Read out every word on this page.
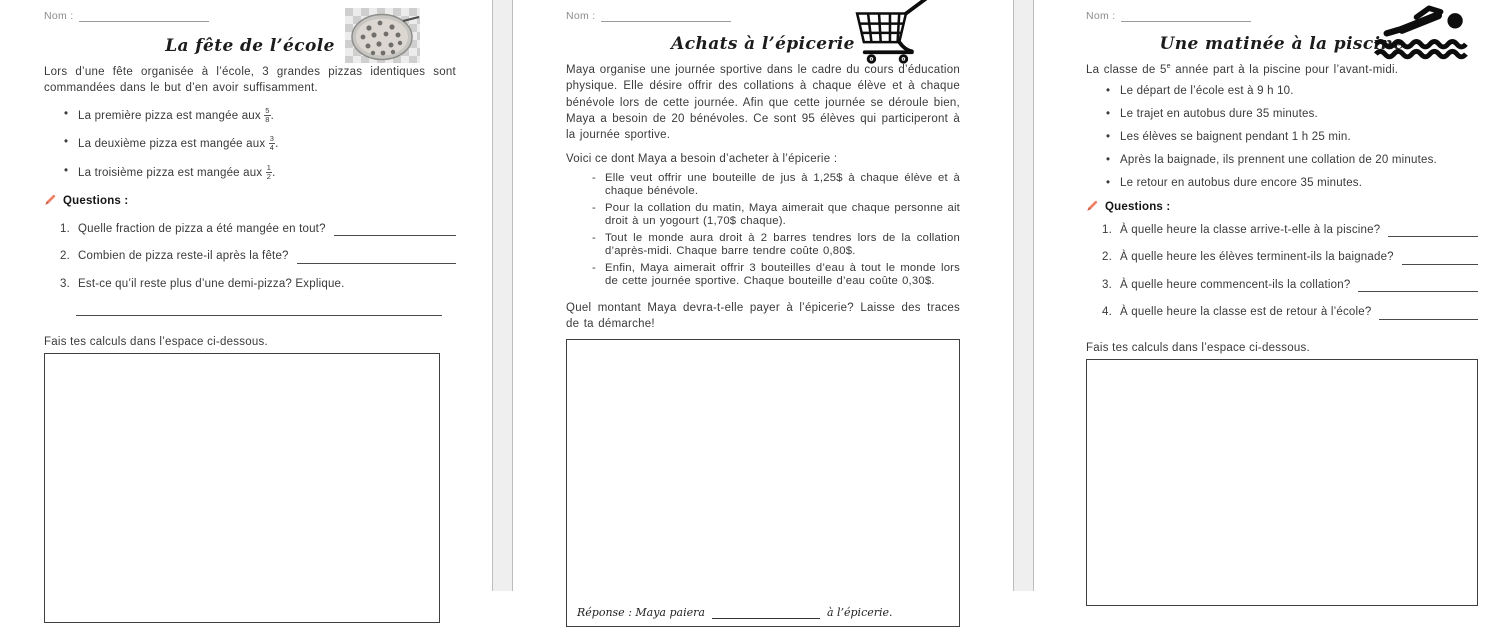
Nom :
La fête de l’école

Lors d’une fête organisée à l’école, 3 grandes pizzas identiques sont commandées dans le but d’en avoir suffisamment.

• La première pizza est mangée aux $\frac{5}{8}$ .
• La deuxième pizza est mangée aux $\frac{3}{4}$ .
• La troisième pizza est mangée aux $\frac{1}{2}$ .
Questions :
1. Quelle fraction de pizza a été mangée en tout?
2. Combien de pizza reste-il après la fête?
3. Est-ce qu’il reste plus d’une demi-pizza? Explique.
Fais tes calculs dans l’espace ci-dessous.
Nom :
Achats à l’épicerie

Maya organise une journée sportive dans le cadre du cours d’éducation physique. Elle désire offrir des collations à chaque élève et à chaque bénévole lors de cette journée. Afin que cette journée se déroule bien, Maya a besoin de 20 bénévoles. Ce sont 95 élèves qui participeront à la journée sportive.

Voici ce dont Maya a besoin d’acheter à l’épicerie :
- Elle veut offrir une bouteille de jus à 1,25$ à chaque élève et à chaque bénévole.
- Pour la collation du matin, Maya aimerait que chaque personne ait droit à un yogourt (1,70$ chaque).
- Tout le monde aura droit à 2 barres tendres lors de la collation d’après-midi. Chaque barre tendre coûte 0,80$.
- Enfin, Maya aimerait offrir 3 bouteilles d’eau à tout le monde lors de cette journée sportive. Chaque bouteille d’eau coûte 0,30$.

Quel montant Maya devra-t-elle payer à l’épicerie? Laisse des traces de ta démarche!

Réponse : Maya paiera	à l’épicerie.
Nom :
Une matinée à la piscine

La classe de 5e année part à la piscine pour l’avant-midi.

• Le départ de l’école est à 9 h 10.
• Le trajet en autobus dure 35 minutes.
• Les élèves se baignent pendant 1 h 25 min.
• Après la baignade, ils prennent une collation de 20 minutes.
• Le retour en autobus dure encore 35 minutes.
Questions :
1. À quelle heure la classe arrive-t-elle à la piscine?
2. À quelle heure les élèves terminent-ils la baignade?
3. À quelle heure commencent-ils la collation?
4. À quelle heure la classe est de retour à l’école?
Fais tes calculs dans l’espace ci-dessous.
